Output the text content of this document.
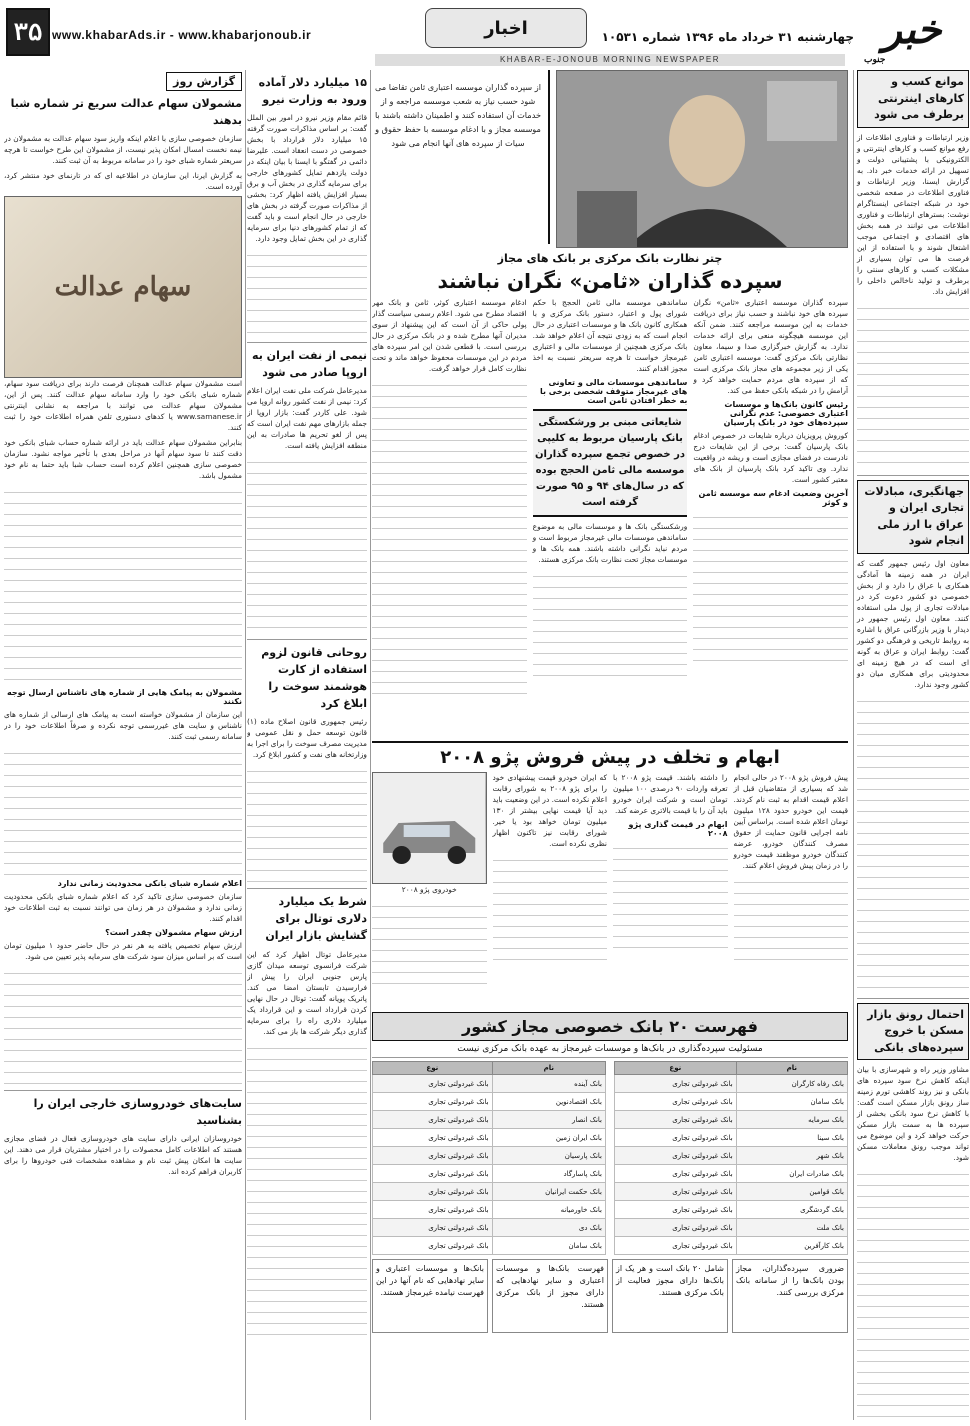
۳۵ www.khabarAds.ir - www.khabarjonoub.ir	اخبار	چهارشنبه ۳۱ خرداد ماه ۱۳۹۶ شماره ۱۰۵۳۱ خبر
جنوب
KHABAR-E-JONOUB MORNING NEWSPAPER
موانع کسب و کارهای اینترنتی برطرف می شود
وزیر ارتباطات و فناوری اطلاعات از رفع موانع کسب و کارهای اینترنتی و الکترونیکی با پشتیبانی دولت و تسهیل در ارائه خدمات خبر داد. به گزارش ایسنا، وزیر ارتباطات و فناوری اطلاعات در صفحه شخصی خود در شبکه اجتماعی اینستاگرام نوشت: بسترهای ارتباطات و فناوری اطلاعات می توانند در همه بخش های اقتصادی و اجتماعی موجب اشتغال شوند و با استفاده از این فرصت ها می توان بسیاری از مشکلات کسب و کارهای سنتی را برطرف و تولید ناخالص داخلی را افزایش داد.
جهانگیری، مبادلات تجاری ایران و عراق با ارز ملی انجام شود
معاون اول رئیس جمهور گفت که ایران در همه زمینه ها آمادگی همکاری با عراق را دارد و از بخش خصوصی دو کشور دعوت کرد در مبادلات تجاری از پول ملی استفاده کنند. معاون اول رئیس جمهور در دیدار با وزیر بازرگانی عراق با اشاره به روابط تاریخی و فرهنگی دو کشور گفت: روابط ایران و عراق به گونه ای است که در هیچ زمینه ای محدودیتی برای همکاری میان دو کشور وجود ندارد.
احتمال رونق بازار مسکن با خروج سپرده‌های بانکی
مشاور وزیر راه و شهرسازی با بیان اینکه کاهش نرخ سود سپرده های بانکی و نیز روند کاهشی تورم زمینه ساز رونق بازار مسکن است گفت: با کاهش نرخ سود بانکی بخشی از سپرده ها به سمت بازار مسکن حرکت خواهد کرد و این موضوع می تواند موجب رونق معاملات مسکن شود.
از سپرده گذاران موسسه اعتباری ثامن تقاضا می شود حسب نیاز به شعب موسسه مراجعه و از خدمات آن استفاده کنند و اطمینان داشته باشند با موسسه مجاز و با ادغام موسسه با حفظ حقوق و سیات از سپرده های آنها انجام می شود
چتر نظارت بانک مرکزی بر بانک های مجاز
سپرده گذاران «ثامن» نگران نباشند
سپرده گذاران موسسه اعتباری «ثامن» نگران سپرده های خود نباشند و حسب نیاز برای دریافت خدمات به این موسسه مراجعه کنند. ضمن آنکه این موسسه هیچگونه منعی برای ارائه خدمات ندارد. به گزارش خبرگزاری صدا و سیما، معاون نظارتی بانک مرکزی گفت: موسسه اعتباری ثامن یکی از زیر مجموعه های مجاز بانک مرکزی است که از سپرده های مردم حمایت خواهد کرد و آرامش را در شبکه بانکی حفظ می کند.
رئیس کانون بانک‌ها و موسسات اعتباری خصوصی: عدم نگرانی سپرده‌های خود در بانک پارسیان
کوروش پرویزیان درباره شایعات در خصوص ادغام بانک پارسیان گفت: برخی از این شایعات درج نادرست در فضای مجازی است و ریشه در واقعیت ندارد. وی تاکید کرد بانک پارسیان از بانک های معتبر کشور است.
آخرین وضعیت ادغام سه موسسه ثامن و کوثر
ساماندهی موسسه مالی ثامن الحجج با حکم شورای پول و اعتبار، دستور بانک مرکزی و با همکاری کانون بانک ها و موسسات اعتباری در حال انجام است که به زودی نتیجه آن اعلام خواهد شد. بانک مرکزی همچنین از موسسات مالی و اعتباری غیرمجاز خواست تا هرچه سریعتر نسبت به اخذ مجوز اقدام کنند.
ساماندهی موسسات مالی و تعاونی های غیرمجاز متوقف شخصی برخی با به خطر افتادن ثامن است
شایعاتی مبنی بر ورشکستگی بانک پارسیان مربوط به کلیپی در خصوص تجمع سپرده گذاران موسسه مالی ثامن الحجج بوده که در سال‌های ۹۴ و ۹۵ صورت گرفته است
ورشکستگی بانک ها و موسسات مالی به موضوع ساماندهی موسسات مالی غیرمجاز مربوط است و مردم نباید نگرانی داشته باشند. همه بانک ها و موسسات مجاز تحت نظارت بانک مرکزی هستند.
ادغام موسسه اعتباری کوثر، ثامن و بانک مهر اقتصاد مطرح می شود. اعلام رسمی سیاست گذار پولی حاکی از آن است که این پیشنهاد از سوی مدیران آنها مطرح شده و در بانک مرکزی در حال بررسی است. با قطعی شدن این امر سپرده های مردم در این موسسات محفوظ خواهد ماند و تحت نظارت کامل قرار خواهد گرفت.
ابهام و تخلف در پیش فروش پژو ۲۰۰۸
پیش فروش پژو ۲۰۰۸ در حالی انجام شد که بسیاری از متقاضیان قبل از اعلام قیمت اقدام به ثبت نام کردند. قیمت این خودرو حدود ۱۲۸ میلیون تومان اعلام شده است. براساس آیین نامه اجرایی قانون حمایت از حقوق مصرف کنندگان خودرو، عرضه کنندگان خودرو موظفند قیمت خودرو را در زمان پیش فروش اعلام کنند.
را داشته باشند. قیمت پژو ۲۰۰۸ با تعرفه واردات ۹۰ درصدی ۱۰۰ میلیون تومان است و شرکت ایران خودرو باید آن را با قیمت بالاتری عرضه کند.
ابهام در قیمت گذاری پژو ۲۰۰۸
که ایران خودرو قیمت پیشنهادی خود را برای پژو ۲۰۰۸ به شورای رقابت اعلام نکرده است. در این وضعیت باید دید آیا قیمت نهایی بیشتر از ۱۳۰ میلیون تومان خواهد بود یا خیر. شورای رقابت نیز تاکنون اظهار نظری نکرده است.
خودروی پژو ۲۰۰۸
فهرست ۲۰ بانک خصوصی مجاز کشور
مسئولیت سپرده‌گذاری در بانک‌ها و موسسات غیرمجاز به عهده بانک مرکزی نیست
نام	نوع
بانک رفاه کارگران	بانک غیردولتی تجاری
بانک سامان	بانک غیردولتی تجاری
بانک سرمایه	بانک غیردولتی تجاری
بانک سینا	بانک غیردولتی تجاری
بانک شهر	بانک غیردولتی تجاری
بانک صادرات ایران	بانک غیردولتی تجاری
بانک قوامین	بانک غیردولتی تجاری
بانک گردشگری	بانک غیردولتی تجاری
بانک ملت	بانک غیردولتی تجاری
بانک کارآفرین	بانک غیردولتی تجاری
نام	نوع
بانک آینده	بانک غیردولتی تجاری
بانک اقتصادنوین	بانک غیردولتی تجاری
بانک انصار	بانک غیردولتی تجاری
بانک ایران زمین	بانک غیردولتی تجاری
بانک پارسیان	بانک غیردولتی تجاری
بانک پاسارگاد	بانک غیردولتی تجاری
بانک حکمت ایرانیان	بانک غیردولتی تجاری
بانک خاورمیانه	بانک غیردولتی تجاری
بانک دی	بانک غیردولتی تجاری
بانک سامان	بانک غیردولتی تجاری
ضروری سپرده‌گذاران، مجاز بودن بانک‌ها را از سامانه بانک مرکزی بررسی کنند.
شامل ۲۰ بانک است و هر یک از بانک‌ها دارای مجوز فعالیت از بانک مرکزی هستند.
فهرست بانک‌ها و موسسات اعتباری و سایر نهادهایی که دارای مجوز از بانک مرکزی هستند.
بانک‌ها و موسسات اعتباری و سایر نهادهایی که نام آنها در این فهرست نیامده غیرمجاز هستند.
۱۵ میلیارد دلار آماده ورود به وزارت نیرو
قائم مقام وزیر نیرو در امور بین الملل گفت: بر اساس مذاکرات صورت گرفته ۱۵ میلیارد دلار قرارداد با بخش خصوصی در دست انعقاد است. علیرضا دائمی در گفتگو با ایسنا با بیان اینکه در دولت یازدهم تمایل کشورهای خارجی برای سرمایه گذاری در بخش آب و برق بسیار افزایش یافته اظهار کرد: بخشی از مذاکرات صورت گرفته در بخش های خارجی در حال انجام است و باید گفت که از تمام کشورهای دنیا برای سرمایه گذاری در این بخش تمایل وجود دارد.
نیمی از نفت ایران به اروپا صادر می شود
مدیرعامل شرکت ملی نفت ایران اعلام کرد: نیمی از نفت کشور روانه اروپا می شود. علی کاردر گفت: بازار اروپا از جمله بازارهای مهم نفت ایران است که پس از لغو تحریم ها صادرات به این منطقه افزایش یافته است.
روحانی قانون لزوم استفاده از کارت هوشمند سوخت را ابلاغ کرد
رئیس جمهوری قانون اصلاح ماده (۱) قانون توسعه حمل و نقل عمومی و مدیریت مصرف سوخت را برای اجرا به وزارتخانه های نفت و کشور ابلاغ کرد.
شرط یک میلیارد دلاری توتال برای گشایش بازار ایران
مدیرعامل توتال اظهار کرد که این شرکت فرانسوی توسعه میدان گازی پارس جنوبی ایران را پیش از فرارسیدن تابستان امضا می کند. پاتریک پویانه گفت: توتال در حال نهایی کردن قرارداد است و این قرارداد یک میلیارد دلاری راه را برای سرمایه گذاری دیگر شرکت ها باز می کند.
گزارش روز
مشمولان سهام عدالت سریع تر شماره شبا بدهند
سازمان خصوصی سازی با اعلام اینکه واریز سود سهام عدالت به مشمولان در نیمه نخست امسال امکان پذیر نیست، از مشمولان این طرح خواست تا هرچه سریعتر شماره شبای خود را در سامانه مربوط به آن ثبت کنند.
به گزارش ایرنا، این سازمان در اطلاعیه ای که در تارنمای خود منتشر کرد، آورده است.
سهام عدالت
است مشمولان سهام عدالت همچنان فرصت دارند برای دریافت سود سهام، شماره شبای بانکی خود را وارد سامانه سهام عدالت کنند. پس از این، مشمولان سهام عدالت می توانند با مراجعه به نشانی اینترنتی www.samanese.ir یا کدهای دستوری تلفن همراه اطلاعات خود را ثبت کنند.
بنابراین مشمولان سهام عدالت باید در ارائه شماره حساب شبای بانکی خود دقت کنند تا سود سهام آنها در مراحل بعدی با تأخیر مواجه نشود. سازمان خصوصی سازی همچنین اعلام کرده است حساب شبا باید حتما به نام خود مشمول باشد.
مشمولان به پیامک هایی از شماره های ناشناس ارسال توجه نکنند
این سازمان از مشمولان خواسته است به پیامک های ارسالی از شماره های ناشناس و سایت های غیررسمی توجه نکرده و صرفاً اطلاعات خود را در سامانه رسمی ثبت کنند.
اعلام شماره شبای بانکی محدودیت زمانی ندارد
سازمان خصوصی سازی تاکید کرد که اعلام شماره شبای بانکی محدودیت زمانی ندارد و مشمولان در هر زمان می توانند نسبت به ثبت اطلاعات خود اقدام کنند.
ارزش سهام مشمولان چقدر است؟
ارزش سهام تخصیص یافته به هر نفر در حال حاضر حدود ۱ میلیون تومان است که بر اساس میزان سود شرکت های سرمایه پذیر تعیین می شود.
سایت‌های خودروسازی خارجی ایران را بشناسید
خودروسازان ایرانی دارای سایت های خودروسازی فعال در فضای مجازی هستند که اطلاعات کامل محصولات را در اختیار مشتریان قرار می دهند. این سایت ها امکان پیش ثبت نام و مشاهده مشخصات فنی خودروها را برای کاربران فراهم کرده اند.
